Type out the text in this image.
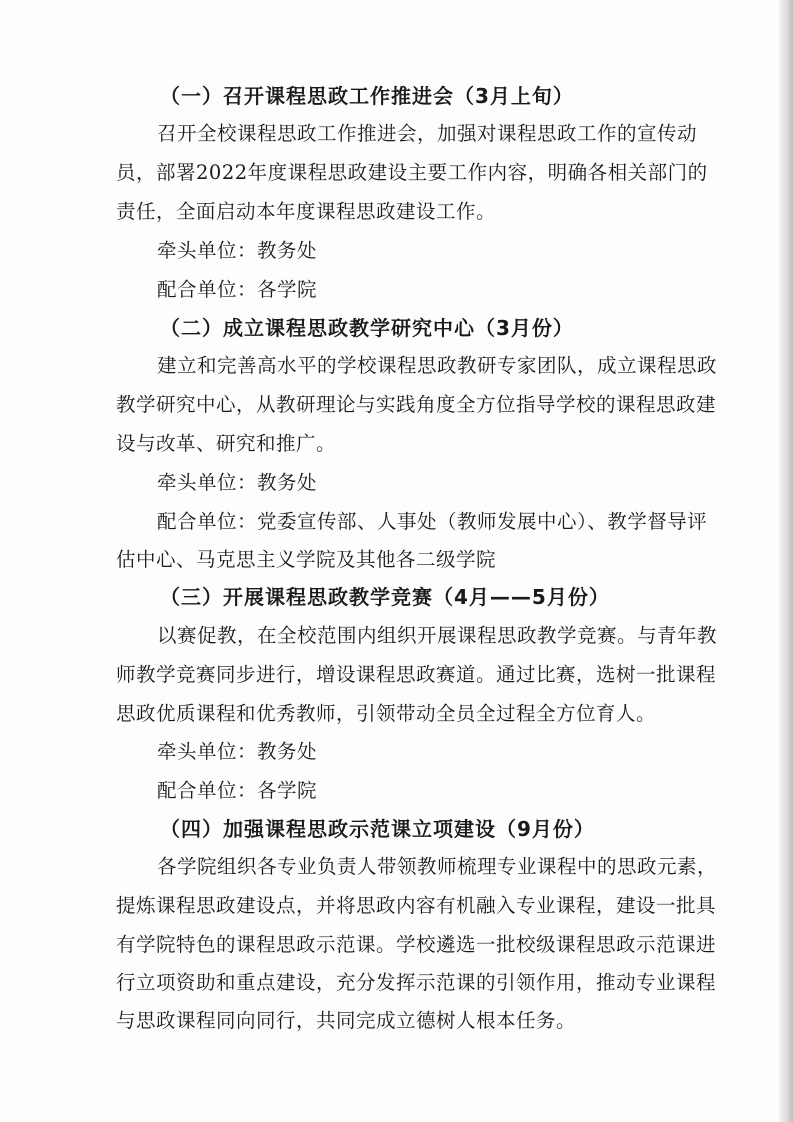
（一）召开课程思政工作推进会（3月上旬）
召开全校课程思政工作推进会，加强对课程思政工作的宣传动
员，部署2022年度课程思政建设主要工作内容，明确各相关部门的
责任，全面启动本年度课程思政建设工作。
牵头单位：教务处
配合单位：各学院
（二）成立课程思政教学研究中心（3月份）
建立和完善高水平的学校课程思政教研专家团队，成立课程思政
教学研究中心，从教研理论与实践角度全方位指导学校的课程思政建
设与改革、研究和推广。
牵头单位：教务处
配合单位：党委宣传部、人事处（教师发展中心）、教学督导评
估中心、马克思主义学院及其他各二级学院
（三）开展课程思政教学竞赛（4月——5月份）
以赛促教，在全校范围内组织开展课程思政教学竞赛。与青年教
师教学竞赛同步进行，增设课程思政赛道。通过比赛，选树一批课程
思政优质课程和优秀教师，引领带动全员全过程全方位育人。
牵头单位：教务处
配合单位：各学院
（四）加强课程思政示范课立项建设（9月份）
各学院组织各专业负责人带领教师梳理专业课程中的思政元素，
提炼课程思政建设点，并将思政内容有机融入专业课程，建设一批具
有学院特色的课程思政示范课。学校遴选一批校级课程思政示范课进
行立项资助和重点建设，充分发挥示范课的引领作用，推动专业课程
与思政课程同向同行，共同完成立德树人根本任务。
